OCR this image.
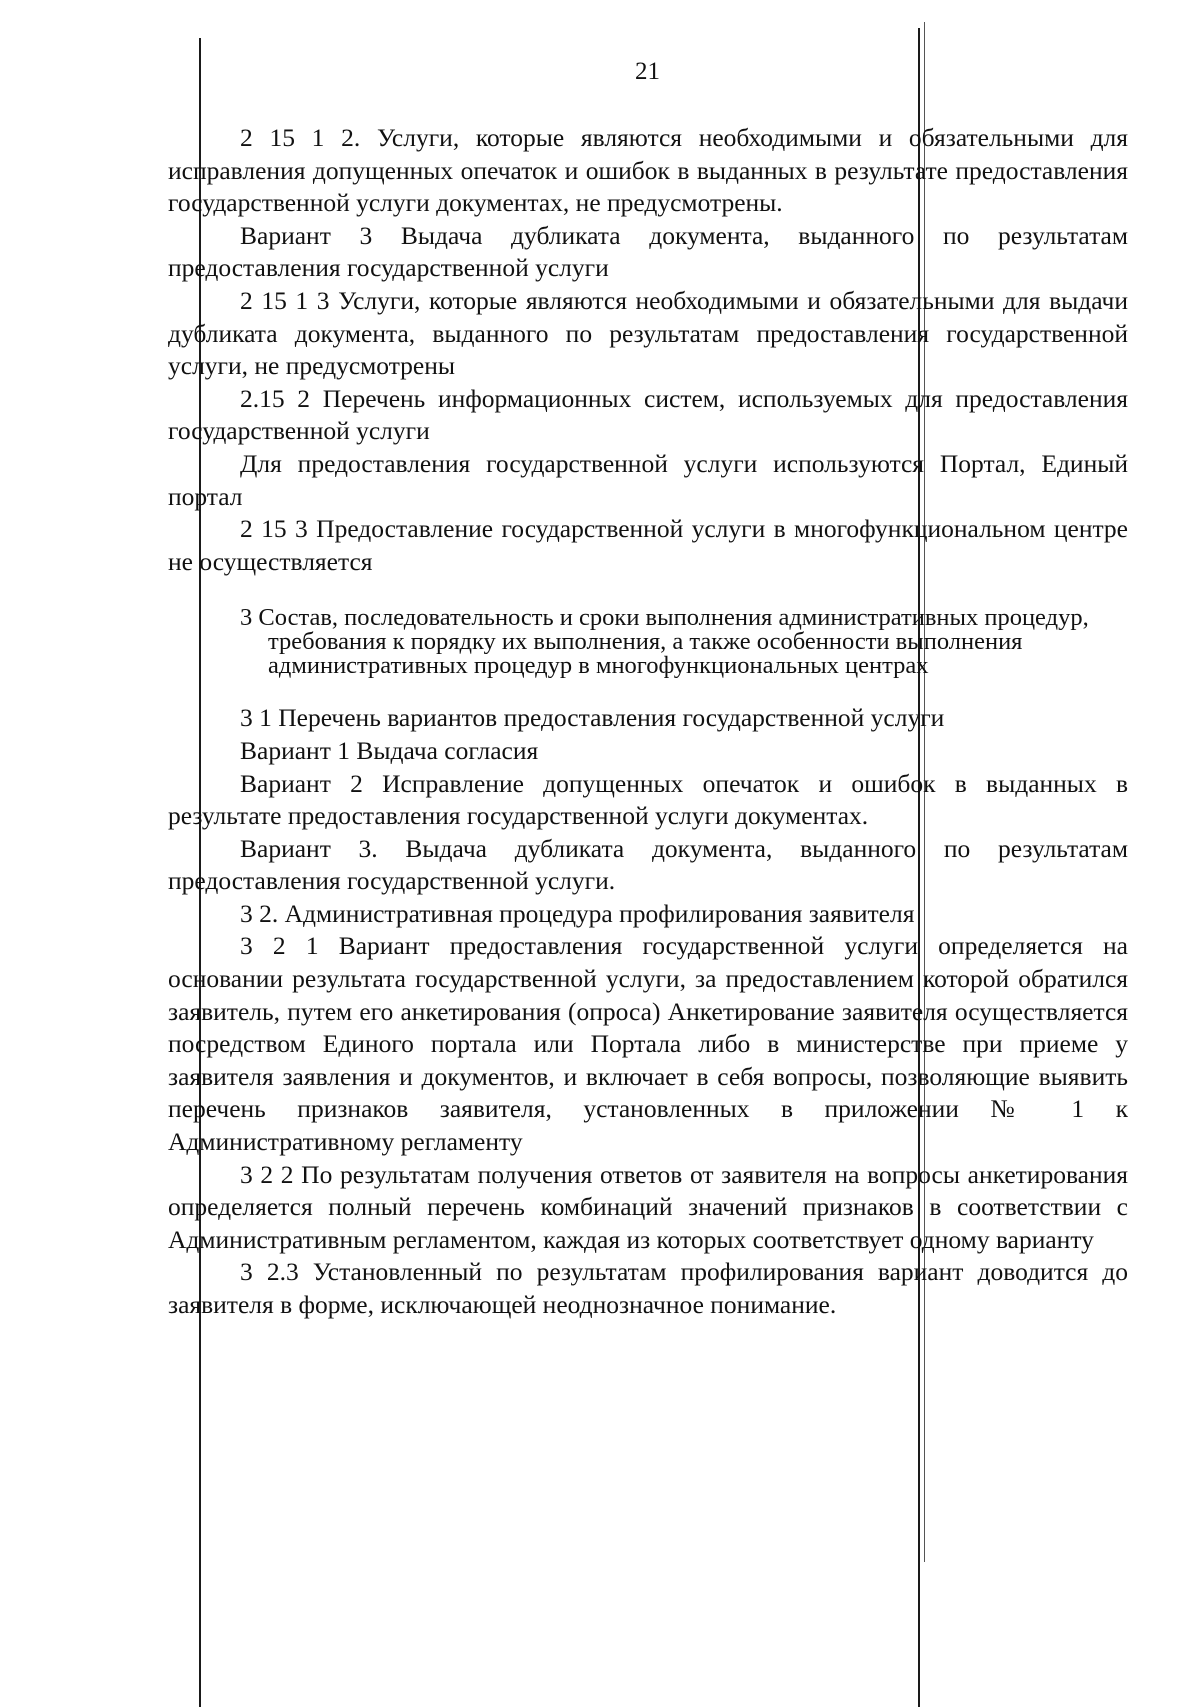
21

2 15 1 2. Услуги, которые являются необходимыми и обязательными для исправления допущенных опечаток и ошибок в выданных в результате предоставления государственной услуги документах, не предусмотрены.

Вариант 3 Выдача дубликата документа, выданного по результатам предоставления государственной услуги

2 15 1 3 Услуги, которые являются необходимыми и обязательными для выдачи дубликата документа, выданного по результатам предоставления государственной услуги, не предусмотрены

2.15 2 Перечень информационных систем, используемых для предоставления государственной услуги

Для предоставления государственной услуги используются Портал, Единый портал

2 15 3 Предоставление государственной услуги в многофункциональном центре не осуществляется

3 Состав, последовательность и сроки выполнения административных процедур, требования к порядку их выполнения, а также особенности выполнения административных процедур в многофункциональных центрах

3 1 Перечень вариантов предоставления государственной услуги

Вариант 1 Выдача согласия

Вариант 2 Исправление допущенных опечаток и ошибок в выданных в результате предоставления государственной услуги документах.

Вариант 3. Выдача дубликата документа, выданного по результатам предоставления государственной услуги.

3 2. Административная процедура профилирования заявителя

3 2 1 Вариант предоставления государственной услуги определяется на основании результата государственной услуги, за предоставлением которой обратился заявитель, путем его анкетирования (опроса) Анкетирование заявителя осуществляется посредством Единого портала или Портала либо в министерстве при приеме у заявителя заявления и документов, и включает в себя вопросы, позволяющие выявить перечень признаков заявителя, установленных в приложении № 1 к Административному регламенту

3 2 2 По результатам получения ответов от заявителя на вопросы анкетирования определяется полный перечень комбинаций значений признаков в соответствии с Административным регламентом, каждая из которых соответствует одному варианту

3 2.3 Установленный по результатам профилирования вариант доводится до заявителя в форме, исключающей неоднозначное понимание.
